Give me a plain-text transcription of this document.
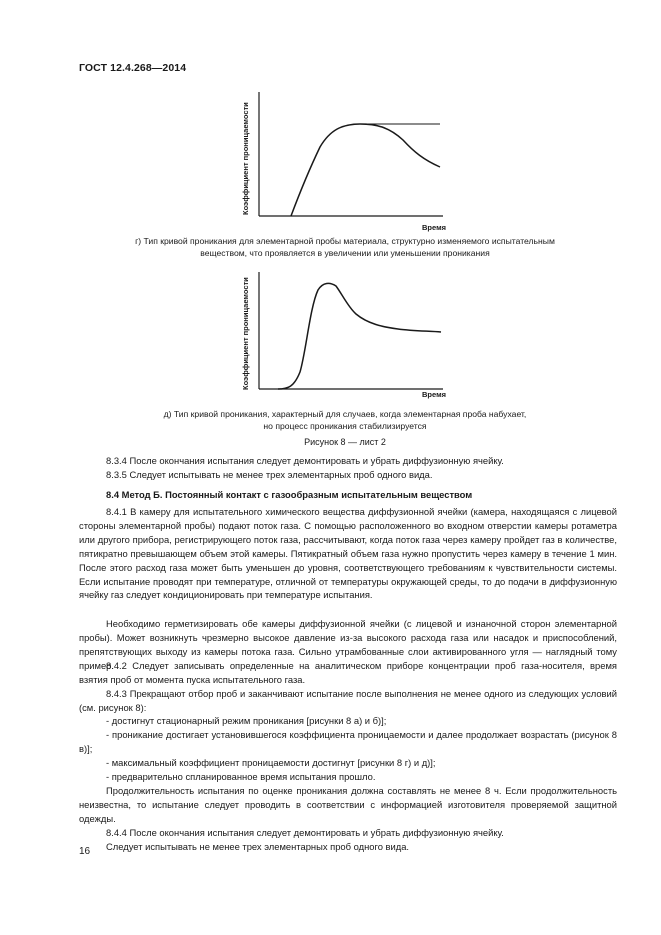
ГОСТ 12.4.268—2014
Коэффициент проницаемости
Время
г) Тип кривой проникания для элементарной пробы материала, структурно изменяемого испытательным
веществом, что проявляется в увеличении или уменьшении проникания
Коэффициент проницаемости
Время
д) Тип кривой проникания, характерный для случаев, когда элементарная проба набухает,
но процесс проникания стабилизируется
Рисунок 8 — лист 2
8.3.4 После окончания испытания следует демонтировать и убрать диффузионную ячейку.
8.3.5 Следует испытывать не менее трех элементарных проб одного вида.
8.4 Метод Б. Постоянный контакт с газообразным испытательным веществом
8.4.1 В камеру для испытательного химического вещества диффузионной ячейки (камера, находящаяся с лицевой стороны элементарной пробы) подают поток газа. С помощью расположенного во входном отверстии камеры ротаметра или другого прибора, регистрирующего поток газа, рассчитывают, когда поток газа через камеру пройдет газ в количестве, пятикратно превышающем объем этой камеры. Пятикратный объем газа нужно пропустить через камеру в течение 1 мин. После этого расход газа может быть уменьшен до уровня, соответствующего требованиям к чувствительности системы. Если испытание проводят при температуре, отличной от температуры окружающей среды, то до подачи в диффузионную ячейку газ следует кондиционировать при температуре испытания.
Необходимо герметизировать обе камеры диффузионной ячейки (с лицевой и изнаночной сторон элементарной пробы). Может возникнуть чрезмерно высокое давление из-за высокого расхода газа или насадок и приспособлений, препятствующих выходу из камеры потока газа. Сильно утрамбованные слои активированного угля — наглядный тому пример.
8.4.2 Следует записывать определенные на аналитическом приборе концентрации проб газа-носителя, время взятия проб от момента пуска испытательного газа.
8.4.3 Прекращают отбор проб и заканчивают испытание после выполнения не менее одного из следующих условий (см. рисунок 8):
- достигнут стационарный режим проникания [рисунки 8 а) и б)];
- проникание достигает установившегося коэффициента проницаемости и далее продолжает возрастать (рисунок 8 в)];
- максимальный коэффициент проницаемости достигнут [рисунки 8 г) и д)];
- предварительно спланированное время испытания прошло.
Продолжительность испытания по оценке проникания должна составлять не менее 8 ч. Если продолжительность неизвестна, то испытание следует проводить в соответствии с информацией изготовителя проверяемой защитной одежды.
8.4.4 После окончания испытания следует демонтировать и убрать диффузионную ячейку.
Следует испытывать не менее трех элементарных проб одного вида.
16
